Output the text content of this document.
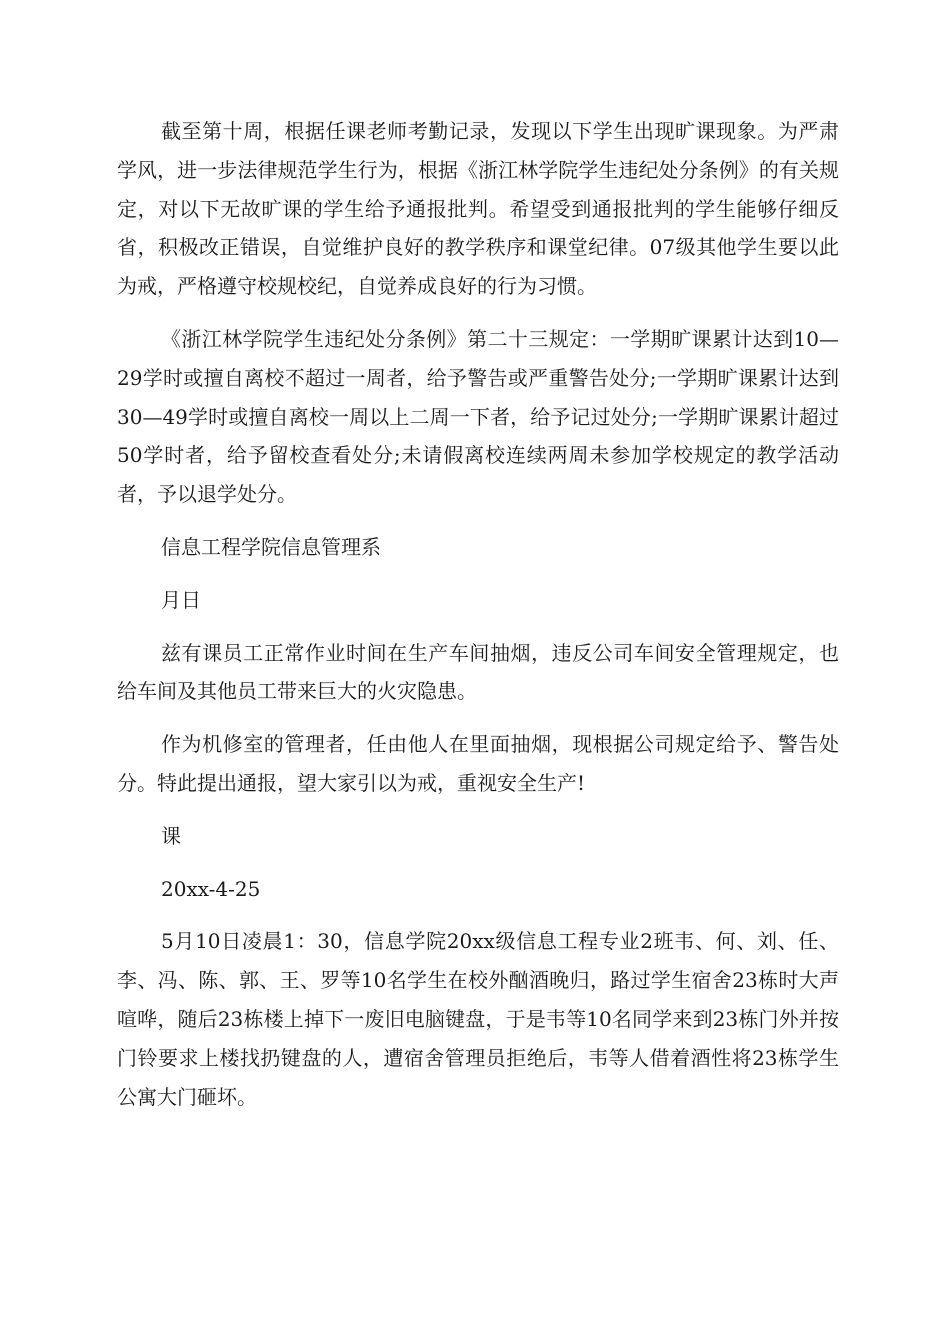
截至第十周，根据任课老师考勤记录，发现以下学生出现旷课现象。为严肃学风，进一步法律规范学生行为，根据《浙江林学院学生违纪处分条例》的有关规定，对以下无故旷课的学生给予通报批判。希望受到通报批判的学生能够仔细反省，积极改正错误，自觉维护良好的教学秩序和课堂纪律。07级其他学生要以此为戒，严格遵守校规校纪，自觉养成良好的行为习惯。

《浙江林学院学生违纪处分条例》第二十三规定：一学期旷课累计达到10—29学时或擅自离校不超过一周者，给予警告或严重警告处分;一学期旷课累计达到30—49学时或擅自离校一周以上二周一下者，给予记过处分;一学期旷课累计超过50学时者，给予留校查看处分;未请假离校连续两周未参加学校规定的教学活动者，予以退学处分。

信息工程学院信息管理系

月日

兹有课员工正常作业时间在生产车间抽烟，违反公司车间安全管理规定，也给车间及其他员工带来巨大的火灾隐患。

作为机修室的管理者，任由他人在里面抽烟，现根据公司规定给予、警告处分。特此提出通报，望大家引以为戒，重视安全生产!

课

20xx-4-25

5月10日凌晨1：30，信息学院20xx级信息工程专业2班韦、何、刘、任、李、冯、陈、郭、王、罗等10名学生在校外酗酒晚归，路过学生宿舍23栋时大声喧哗，随后23栋楼上掉下一废旧电脑键盘，于是韦等10名同学来到23栋门外并按门铃要求上楼找扔键盘的人，遭宿舍管理员拒绝后，韦等人借着酒性将23栋学生公寓大门砸坏。
